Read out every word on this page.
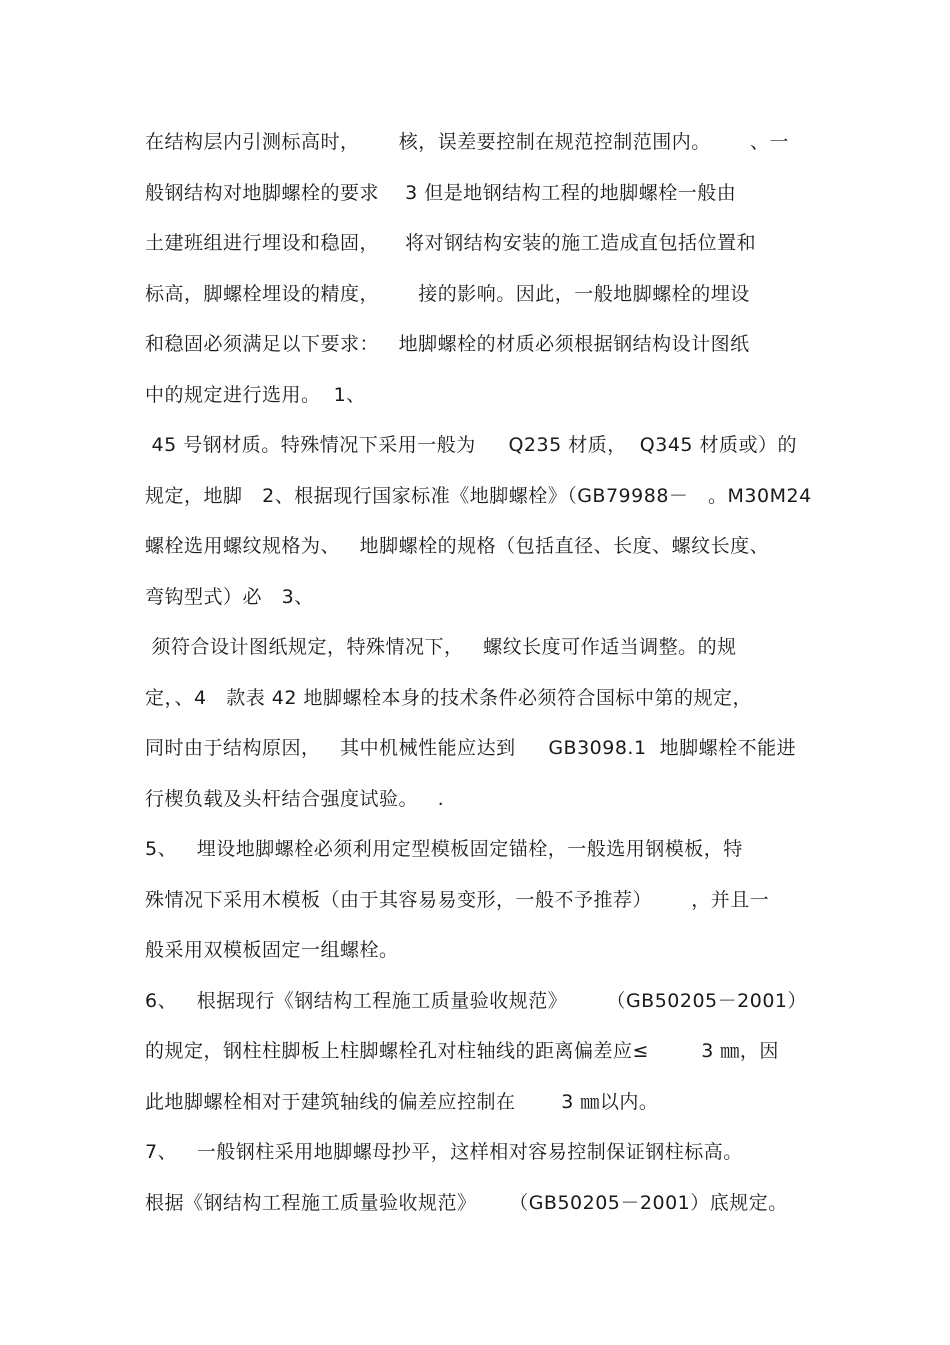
在结构层内引测标高时，      核，误差要控制在规范控制范围内。      、一
般钢结构对地脚螺栓的要求    3 但是地钢结构工程的地脚螺栓一般由
土建班组进行埋设和稳固，    将对钢结构安装的施工造成直包括位置和
标高，脚螺栓埋设的精度，      接的影响。因此，一般地脚螺栓的埋设
和稳固必须满足以下要求：   地脚螺栓的材质必须根据钢结构设计图纸
中的规定进行选用。  1、
45 号钢材质。特殊情况下采用一般为     Q235 材质，  Q345 材质或）的
规定，地脚   2、根据现行国家标准《地脚螺栓》（GB79988－   。M30M24
螺栓选用螺纹规格为、   地脚螺栓的规格（包括直径、长度、螺纹长度、
弯钩型式）必   3、
须符合设计图纸规定，特殊情况下，   螺纹长度可作适当调整。的规
定，、4   款表 42 地脚螺栓本身的技术条件必须符合国标中第的规定，
同时由于结构原因，   其中机械性能应达到     GB3098.1  地脚螺栓不能进
行楔负载及头杆结合强度试验。   .
5、   埋设地脚螺栓必须利用定型模板固定锚栓，一般选用钢模板，特
殊情况下采用木模板（由于其容易易变形，一般不予推荐）      ，并且一
般采用双模板固定一组螺栓。
6、   根据现行《钢结构工程施工质量验收规范》      （GB50205－2001）
的规定，钢柱柱脚板上柱脚螺栓孔对柱轴线的距离偏差应≤        3 ㎜，因
此地脚螺栓相对于建筑轴线的偏差应控制在       3 ㎜以内。
7、   一般钢柱采用地脚螺母抄平，这样相对容易控制保证钢柱标高。
根据《钢结构工程施工质量验收规范》     （GB50205－2001）底规定。
